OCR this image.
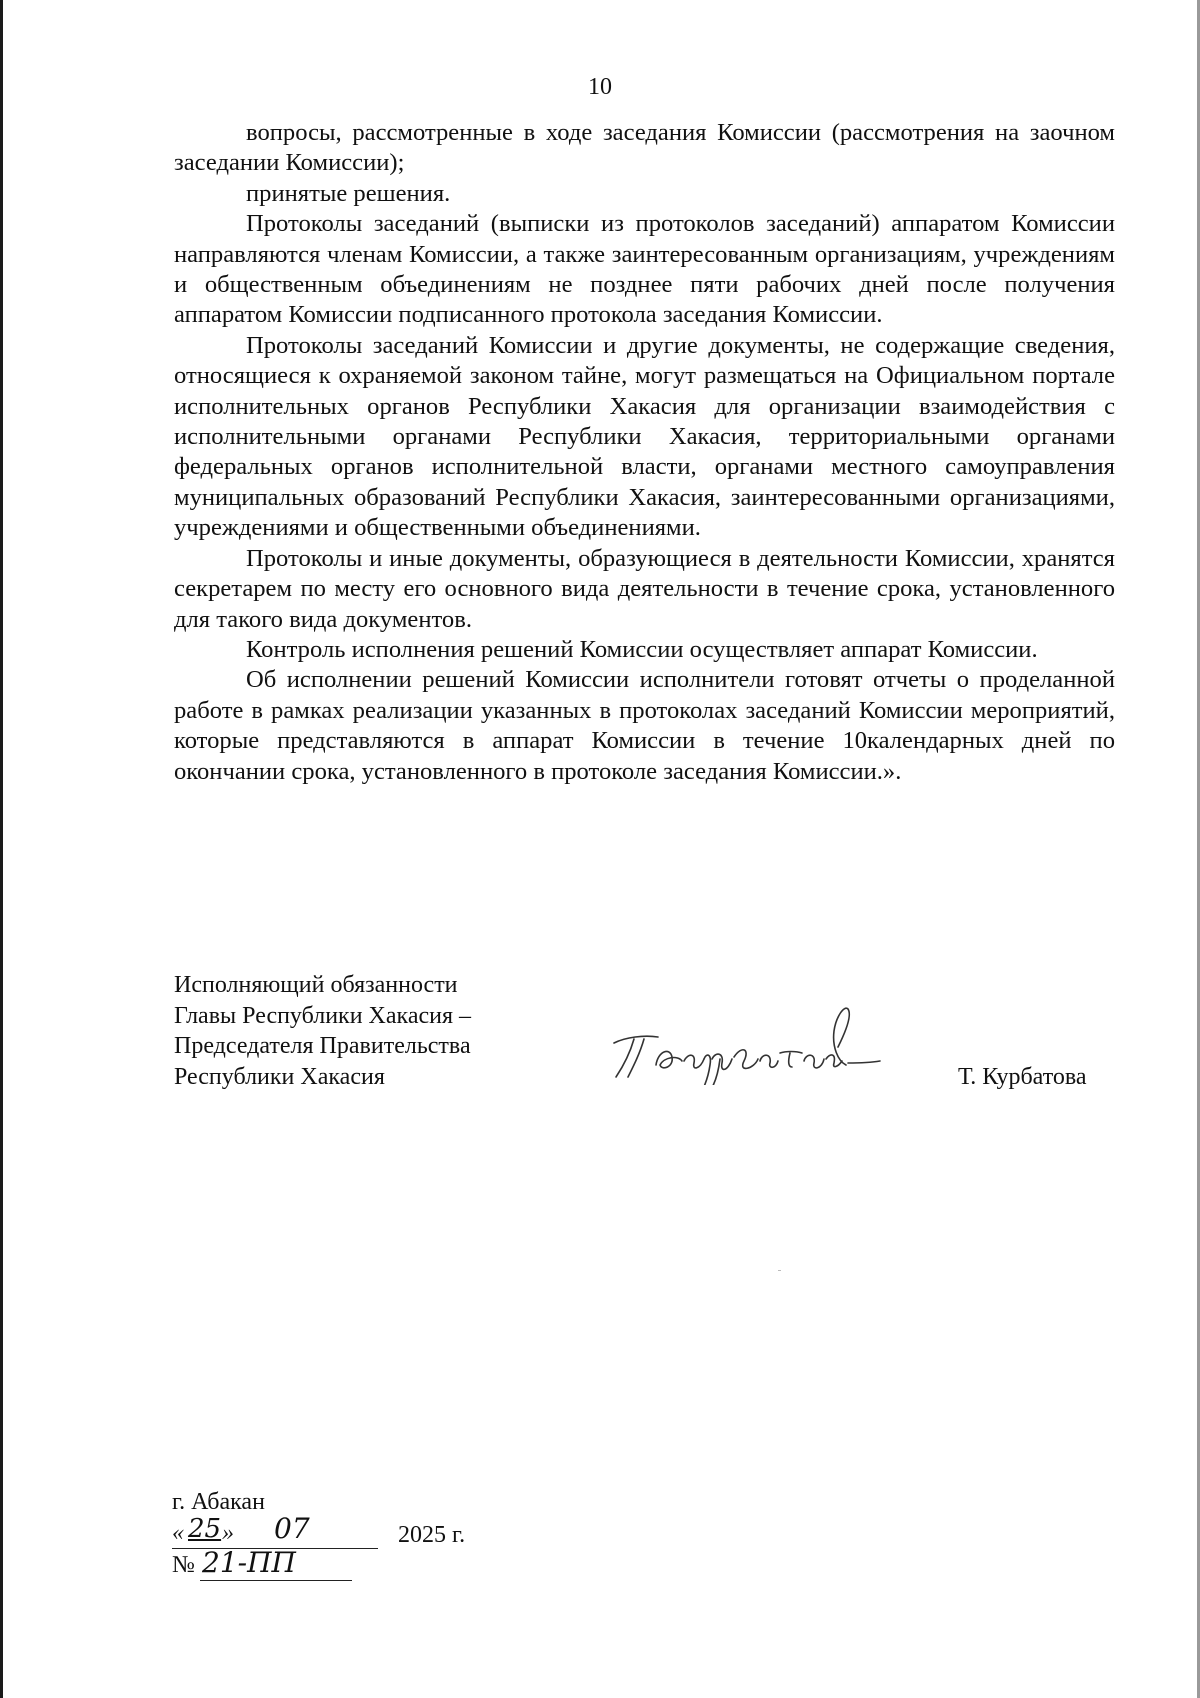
10

вопросы, рассмотренные в ходе заседания Комиссии (рассмотрения на заочном заседании Комиссии);

принятые решения.

Протоколы заседаний (выписки из протоколов заседаний) аппаратом Комиссии направляются членам Комиссии, а также заинтересованным организациям, учреждениям и общественным объединениям не позднее пяти рабочих дней после получения аппаратом Комиссии подписанного протокола заседания Комиссии.

Протоколы заседаний Комиссии и другие документы, не содержащие сведения, относящиеся к охраняемой законом тайне, могут размещаться на Официальном портале исполнительных органов Республики Хакасия для организации взаимодействия с исполнительными органами Республики Хакасия, территориальными органами федеральных органов исполнительной власти, органами местного самоуправления муниципальных образований Республики Хакасия, заинтересованными организациями, учреждениями и общественными объединениями.

Протоколы и иные документы, образующиеся в деятельности Комиссии, хранятся секретарем по месту его основного вида деятельности в течение срока, установленного для такого вида документов.

Контроль исполнения решений Комиссии осуществляет аппарат Комиссии.

Об исполнении решений Комиссии исполнители готовят отчеты о проделанной работе в рамках реализации указанных в протоколах заседаний Комиссии мероприятий, которые представляются в аппарат Комиссии в течение 10календарных дней по окончании срока, установленного в протоколе заседания Комиссии.».

Исполняющий обязанности
Главы Республики Хакасия –
Председателя Правительства
Республики Хакасия	Т. Курбатова
г. Абакан
« 25 » 07	2025 г.
№ 21-ПП
